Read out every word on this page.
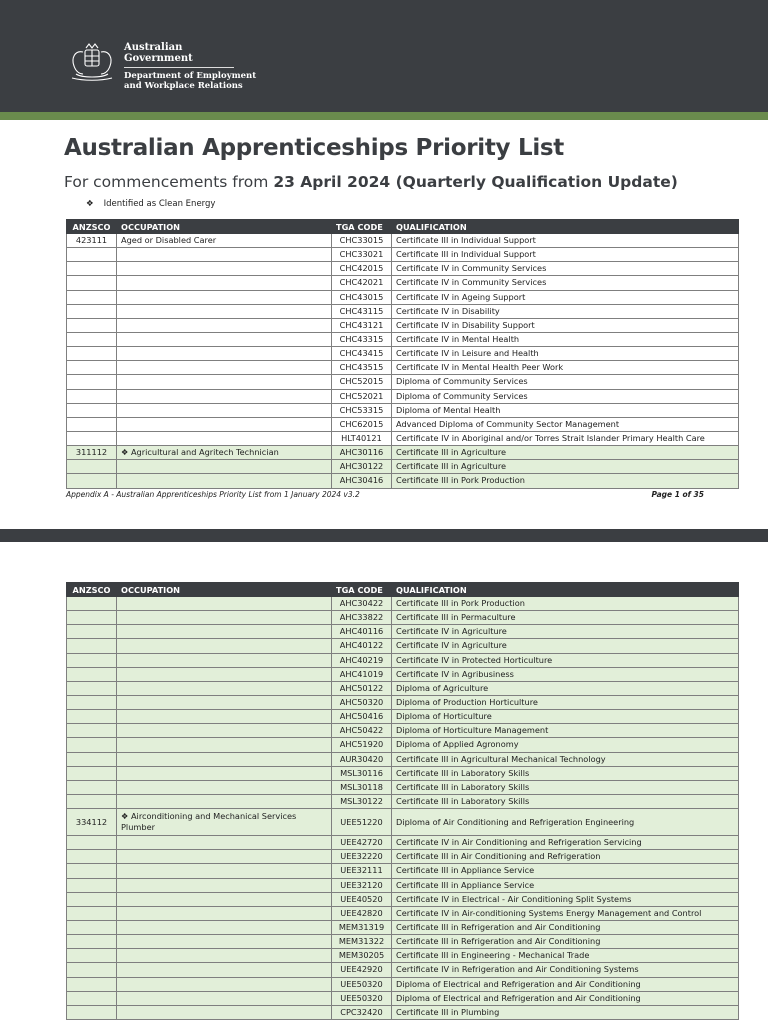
Australian Government
Department of Employment
and Workplace Relations
Australian Apprenticeships Priority List
For commencements from 23 April 2024 (Quarterly Qualification Update)
❖ Identified as Clean Energy
ANZSCO	OCCUPATION	TGA CODE	QUALIFICATION
423111	Aged or Disabled Carer	CHC33015	Certificate III in Individual Support
		CHC33021	Certificate III in Individual Support
		CHC42015	Certificate IV in Community Services
		CHC42021	Certificate IV in Community Services
		CHC43015	Certificate IV in Ageing Support
		CHC43115	Certificate IV in Disability
		CHC43121	Certificate IV in Disability Support
		CHC43315	Certificate IV in Mental Health
		CHC43415	Certificate IV in Leisure and Health
		CHC43515	Certificate IV in Mental Health Peer Work
		CHC52015	Diploma of Community Services
		CHC52021	Diploma of Community Services
		CHC53315	Diploma of Mental Health
		CHC62015	Advanced Diploma of Community Sector Management
		HLT40121	Certificate IV in Aboriginal and/or Torres Strait Islander Primary Health Care
311112	❖ Agricultural and Agritech Technician	AHC30116	Certificate III in Agriculture
		AHC30122	Certificate III in Agriculture
		AHC30416	Certificate III in Pork Production
Appendix A - Australian Apprenticeships Priority List from 1 January 2024 v3.2	Page 1 of 35
ANZSCO	OCCUPATION	TGA CODE	QUALIFICATION
		AHC30422	Certificate III in Pork Production
		AHC33822	Certificate III in Permaculture
		AHC40116	Certificate IV in Agriculture
		AHC40122	Certificate IV in Agriculture
		AHC40219	Certificate IV in Protected Horticulture
		AHC41019	Certificate IV in Agribusiness
		AHC50122	Diploma of Agriculture
		AHC50320	Diploma of Production Horticulture
		AHC50416	Diploma of Horticulture
		AHC50422	Diploma of Horticulture Management
		AHC51920	Diploma of Applied Agronomy
		AUR30420	Certificate III in Agricultural Mechanical Technology
		MSL30116	Certificate III in Laboratory Skills
		MSL30118	Certificate III in Laboratory Skills
		MSL30122	Certificate III in Laboratory Skills
334112	❖ Airconditioning and Mechanical Services Plumber	UEE51220	Diploma of Air Conditioning and Refrigeration Engineering
		UEE42720	Certificate IV in Air Conditioning and Refrigeration Servicing
		UEE32220	Certificate III in Air Conditioning and Refrigeration
		UEE32111	Certificate III in Appliance Service
		UEE32120	Certificate III in Appliance Service
		UEE40520	Certificate IV in Electrical - Air Conditioning Split Systems
		UEE42820	Certificate IV in Air-conditioning Systems Energy Management and Control
		MEM31319	Certificate III in Refrigeration and Air Conditioning
		MEM31322	Certificate III in Refrigeration and Air Conditioning
		MEM30205	Certificate III in Engineering - Mechanical Trade
		UEE42920	Certificate IV in Refrigeration and Air Conditioning Systems
		UEE50320	Diploma of Electrical and Refrigeration and Air Conditioning
		UEE50320	Diploma of Electrical and Refrigeration and Air Conditioning
		CPC32420	Certificate III in Plumbing
